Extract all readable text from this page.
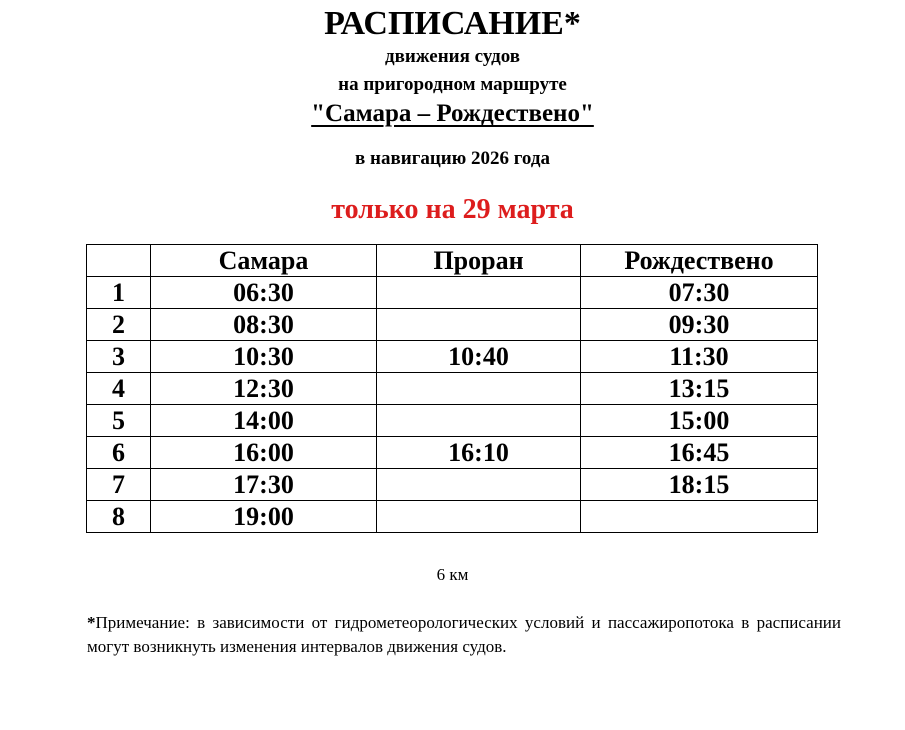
РАСПИСАНИЕ*
движения судов
на пригородном маршруте
"Самара – Рождествено"
в навигацию 2026 года
только на 29 марта
	Самара	Проран	Рождествено
1	06:30		07:30
2	08:30		09:30
3	10:30	10:40	11:30
4	12:30		13:15
5	14:00		15:00
6	16:00	16:10	16:45
7	17:30		18:15
8	19:00		
6 км
*Примечание: в зависимости от гидрометеорологических условий и пассажиропотока в расписании могут возникнуть изменения интервалов движения судов.
